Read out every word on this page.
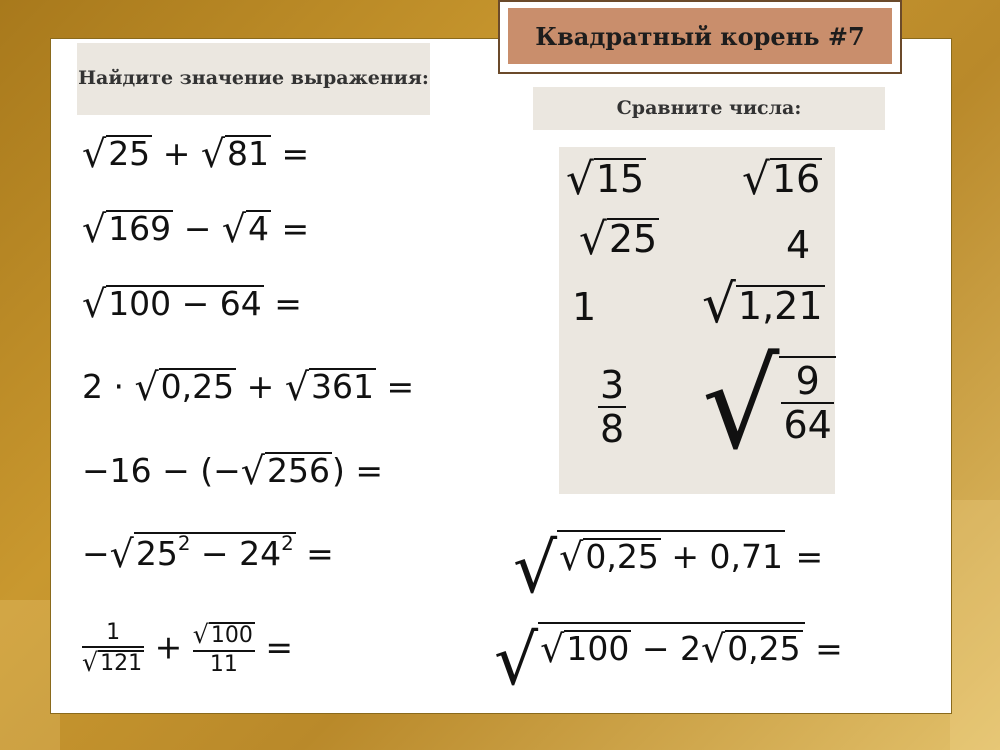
Квадратный корень #7
Найдите значение выражения:
Сравните числа:
√25 + √81 =
√169 − √4 =
√100 − 64 =
2 · √0,25 + √361 =
−16 − (−√256) =
$-√25^2 - 24^2$ =
$\frac{1}{√121} + \frac{√100}{11}$ =
√15 √16
√25	4
1 √1,21
$\frac{3}{8}$ √ $\frac{9}{64}$
√√0,25 + 0,71 =
√√100 − 2√0,25 =
